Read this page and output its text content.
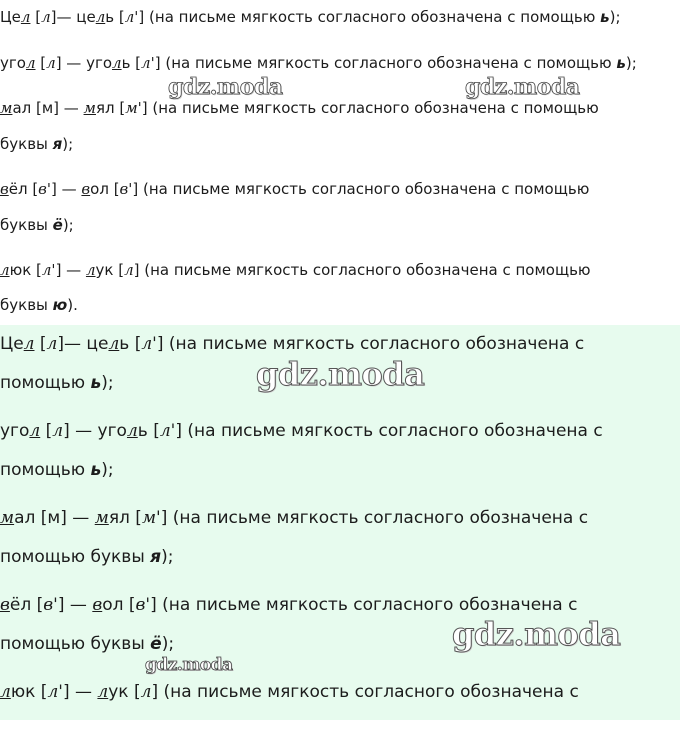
Цел [л]— цель [л'] (на письме мягкость согласного обозначена с помощью ь);
угол [л] — уголь [л'] (на письме мягкость согласного обозначена с помощью ь);
мал [м] — мял [м'] (на письме мягкость согласного обозначена с помощью
буквы я);
вёл [в'] — вол [в'] (на письме мягкость согласного обозначена с помощью
буквы ё);
люк [л'] — лук [л] (на письме мягкость согласного обозначена с помощью
буквы ю).
gdz.moda	gdz.moda
Цел [л]— цель [л'] (на письме мягкость согласного обозначена с
помощью ь);
угол [л] — уголь [л'] (на письме мягкость согласного обозначена с
помощью ь);
мал [м] — мял [м'] (на письме мягкость согласного обозначена с
помощью буквы я);
вёл [в'] — вол [в'] (на письме мягкость согласного обозначена с
помощью буквы ё);
люк [л'] — лук [л] (на письме мягкость согласного обозначена с
gdz.moda
gdz.moda
gdz.moda
